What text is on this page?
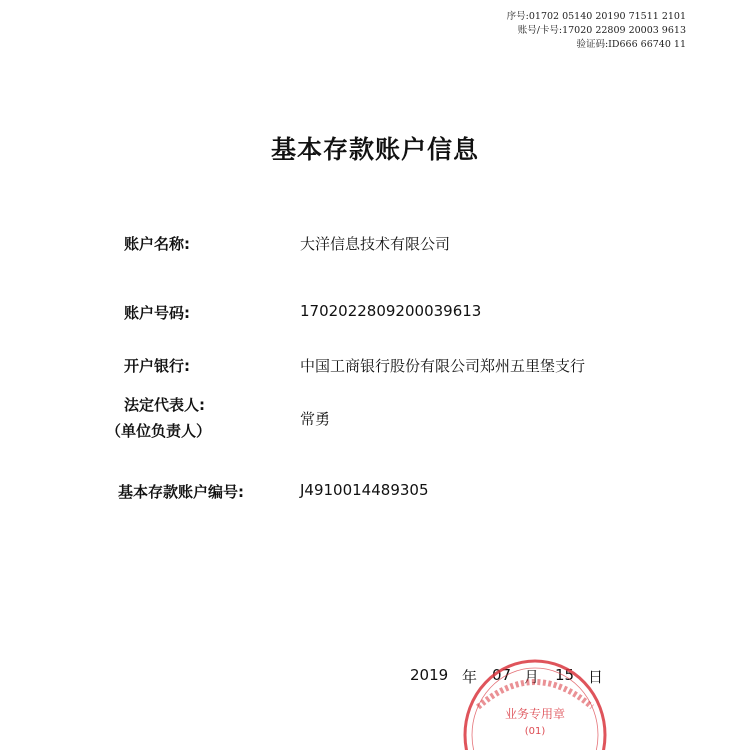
序号:01702 05140 20190 71511 2101
账号/卡号:17020 22809 20003 9613
验证码:ID666 66740 11
基本存款账户信息
账户名称:	大洋信息技术有限公司
账户号码:	1702022809200039613
开户银行:	中国工商银行股份有限公司郑州五里堡支行
法定代表人:
（单位负责人）
常勇
基本存款账户编号:	J4910014489305
2019 年 07 月 15 日
业务专用章
(01)
